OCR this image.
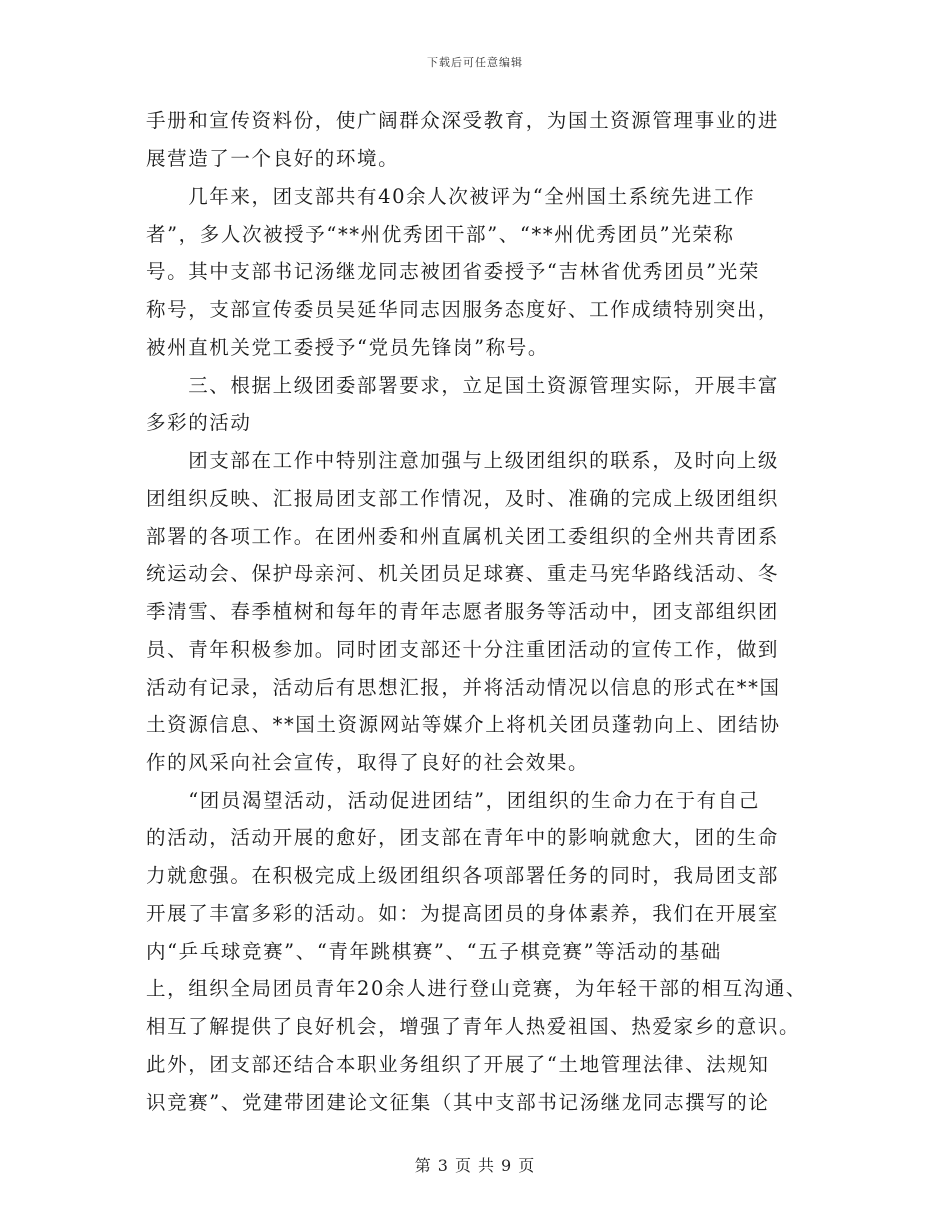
下载后可任意编辑
手册和宣传资料份，使广阔群众深受教育，为国土资源管理事业的进
展营造了一个良好的环境。
　　几年来，团支部共有40余人次被评为“全州国土系统先进工作
者”，多人次被授予“**州优秀团干部”、“**州优秀团员”光荣称
号。其中支部书记汤继龙同志被团省委授予“吉林省优秀团员”光荣
称号，支部宣传委员吴延华同志因服务态度好、工作成绩特别突出，
被州直机关党工委授予“党员先锋岗”称号。
　　三、根据上级团委部署要求，立足国土资源管理实际，开展丰富
多彩的活动
　　团支部在工作中特别注意加强与上级团组织的联系，及时向上级
团组织反映、汇报局团支部工作情况，及时、准确的完成上级团组织
部署的各项工作。在团州委和州直属机关团工委组织的全州共青团系
统运动会、保护母亲河、机关团员足球赛、重走马宪华路线活动、冬
季清雪、春季植树和每年的青年志愿者服务等活动中，团支部组织团
员、青年积极参加。同时团支部还十分注重团活动的宣传工作，做到
活动有记录，活动后有思想汇报，并将活动情况以信息的形式在**国
土资源信息、**国土资源网站等媒介上将机关团员蓬勃向上、团结协
作的风采向社会宣传，取得了良好的社会效果。
　　“团员渴望活动，活动促进团结”，团组织的生命力在于有自己
的活动，活动开展的愈好，团支部在青年中的影响就愈大，团的生命
力就愈强。在积极完成上级团组织各项部署任务的同时，我局团支部
开展了丰富多彩的活动。如：为提高团员的身体素养，我们在开展室
内“乒乓球竞赛”、“青年跳棋赛”、“五子棋竞赛”等活动的基础
上，组织全局团员青年20余人进行登山竞赛，为年轻干部的相互沟通、
相互了解提供了良好机会，增强了青年人热爱祖国、热爱家乡的意识。
此外，团支部还结合本职业务组织了开展了“土地管理法律、法规知
识竞赛”、党建带团建论文征集（其中支部书记汤继龙同志撰写的论
第 3 页 共 9 页
